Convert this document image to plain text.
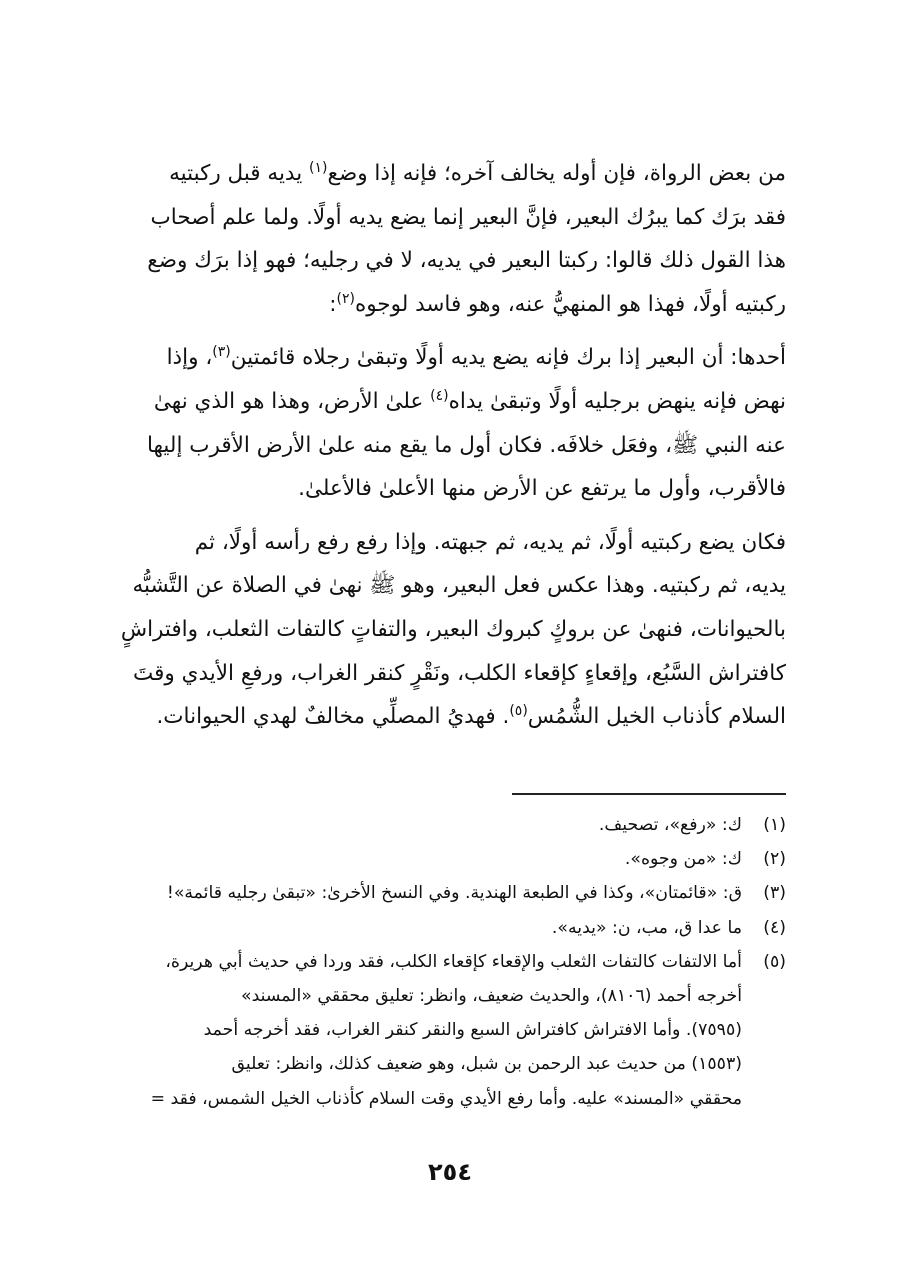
من بعض الرواة، فإن أوله يخالف آخره؛ فإنه إذا وضع$^{(١)}$ يديه قبل ركبتيه

فقد برَك كما يبرُك البعير، فإنَّ البعير إنما يضع يديه أولًا. ولما علم أصحاب

هذا القول ذلك قالوا: ركبتا البعير في يديه، لا في رجليه؛ فهو إذا برَك وضع

ركبتيه أولًا، فهذا هو المنهيُّ عنه، وهو فاسد لوجوه$^{(٢)}$:

أحدها: أن البعير إذا برك فإنه يضع يديه أولًا وتبقىٰ رجلاه قائمتين$^{(٣)}$، وإذا

نهض فإنه ينهض برجليه أولًا وتبقىٰ يداه$^{(٤)}$ علىٰ الأرض، وهذا هو الذي نهىٰ

عنه النبي ﷺ، وفعَل خلافَه. فكان أول ما يقع منه علىٰ الأرض الأقرب إليها

فالأقرب، وأول ما يرتفع عن الأرض منها الأعلىٰ فالأعلىٰ.

فكان يضع ركبتيه أولًا، ثم يديه، ثم جبهته. وإذا رفع رفع رأسه أولًا، ثم

يديه، ثم ركبتيه. وهذا عكس فعل البعير، وهو ﷺ نهىٰ في الصلاة عن التَّشبُّه

بالحيوانات، فنهىٰ عن بروكٍ كبروك البعير، والتفاتٍ كالتفات الثعلب، وافتراشٍ

كافتراش السَّبُع، وإقعاءٍ كإقعاء الكلب، ونَقْرٍ كنقر الغراب، ورفعِ الأيدي وقتَ

السلام كأذناب الخيل الشُّمُس$^{(٥)}$. فهديُ المصلِّي مخالفٌ لهدي الحيوانات.

(١)
ك: «رفع»، تصحيف.
(٢)
ك: «من وجوه».
(٣)
ق: «قائمتان»، وكذا في الطبعة الهندية. وفي النسخ الأخرىٰ: «تبقىٰ رجليه قائمة»!
(٤)
ما عدا ق، مب، ن: «يديه».
(٥)
أما الالتفات كالتفات الثعلب والإقعاء كإقعاء الكلب، فقد وردا في حديث أبي هريرة،
أخرجه أحمد (٨١٠٦)، والحديث ضعيف، وانظر: تعليق محققي «المسند»
(٧٥٩٥). وأما الافتراش كافتراش السبع والنقر كنقر الغراب، فقد أخرجه أحمد
(١٥٥٣) من حديث عبد الرحمن بن شبل، وهو ضعيف كذلك، وانظر: تعليق
محققي «المسند» عليه. وأما رفع الأيدي وقت السلام كأذناب الخيل الشمس، فقد =
٢٥٤
